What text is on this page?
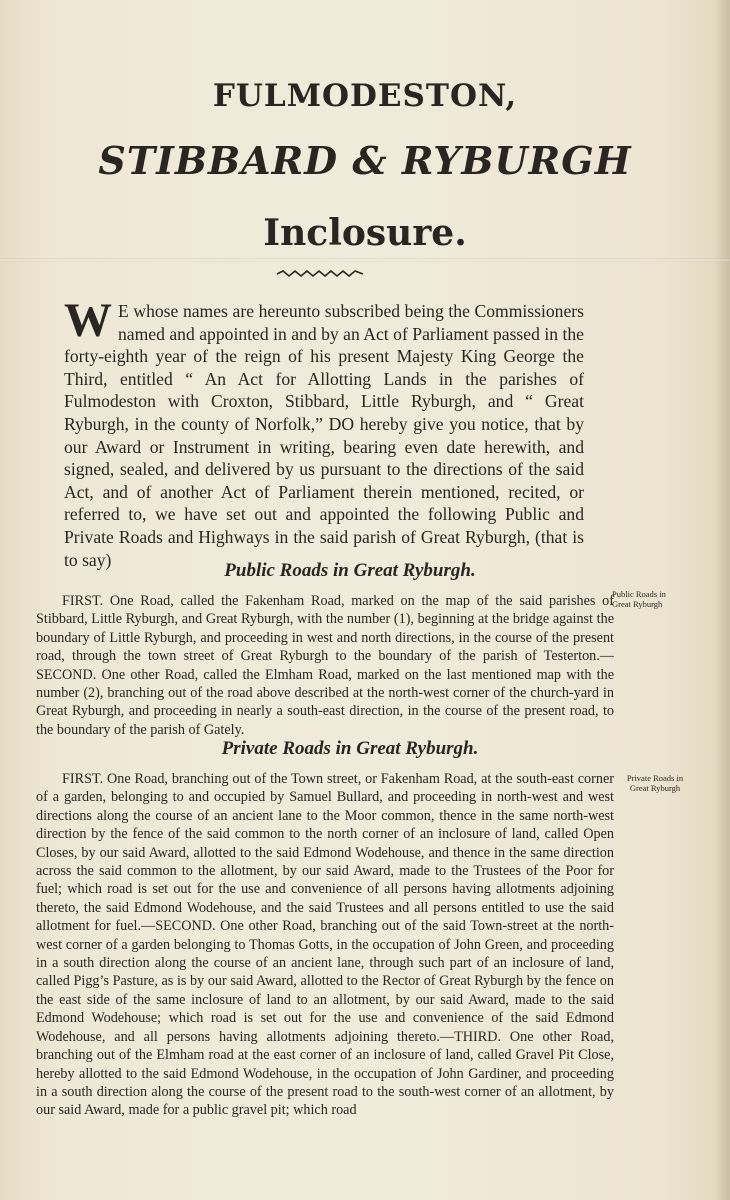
FULMODESTON,
STIBBARD & RYBURGH
Inclosure.

W E whose names are hereunto subscribed being the Commissioners named and appointed in and by an Act of Parliament passed in the forty-eighth year of the reign of his present Majesty King George the Third, entitled “ An Act for Allotting Lands in the parishes of Fulmodeston with Croxton, Stibbard, Little Ryburgh, and “ Great Ryburgh, in the county of Norfolk,” DO hereby give you notice, that by our Award or Instrument in writing, bearing even date herewith, and signed, sealed, and delivered by us pursuant to the directions of the said Act, and of another Act of Parliament therein mentioned, recited, or referred to, we have set out and appointed the following Public and Private Roads and Highways in the said parish of Great Ryburgh, (that is to say)

Public Roads in Great Ryburgh.
Public Roads in Great Ryburgh

FIRST. One Road, called the Fakenham Road, marked on the map of the said parishes of Stibbard, Little Ryburgh, and Great Ryburgh, with the number (1), beginning at the bridge against the boundary of Little Ryburgh, and proceeding in west and north directions, in the course of the present road, through the town street of Great Ryburgh to the boundary of the parish of Testerton.—SECOND. One other Road, called the Elmham Road, marked on the last mentioned map with the number (2), branching out of the road above described at the north-west corner of the church-yard in Great Ryburgh, and proceeding in nearly a south-east direction, in the course of the present road, to the boundary of the parish of Gately.

Private Roads in Great Ryburgh.
Private Roads in Great Ryburgh

FIRST. One Road, branching out of the Town street, or Fakenham Road, at the south-east corner of a garden, belonging to and occupied by Samuel Bullard, and proceeding in north-west and west directions along the course of an ancient lane to the Moor common, thence in the same north-west direction by the fence of the said common to the north corner of an inclosure of land, called Open Closes, by our said Award, allotted to the said Edmond Wodehouse, and thence in the same direction across the said common to the allotment, by our said Award, made to the Trustees of the Poor for fuel; which road is set out for the use and convenience of all persons having allotments adjoining thereto, the said Edmond Wodehouse, and the said Trustees and all persons entitled to use the said allotment for fuel.—SECOND. One other Road, branching out of the said Town-street at the north-west corner of a garden belonging to Thomas Gotts, in the occupation of John Green, and proceeding in a south direction along the course of an ancient lane, through such part of an inclosure of land, called Pigg’s Pasture, as is by our said Award, allotted to the Rector of Great Ryburgh by the fence on the east side of the same inclosure of land to an allotment, by our said Award, made to the said Edmond Wodehouse; which road is set out for the use and convenience of the said Edmond Wodehouse, and all persons having allotments adjoining thereto.—THIRD. One other Road, branching out of the Elmham road at the east corner of an inclosure of land, called Gravel Pit Close, hereby allotted to the said Edmond Wodehouse, in the occupation of John Gardiner, and proceeding in a south direction along the course of the present road to the south-west corner of an allotment, by our said Award, made for a public gravel pit; which road
